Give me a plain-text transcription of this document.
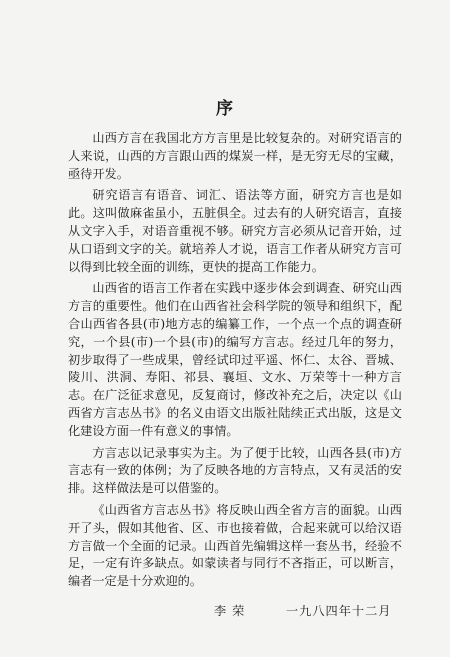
序

山西方言在我国北方方言里是比较复杂的。对研究语言的人来说，山西的方言跟山西的煤炭一样，是无穷无尽的宝藏，亟待开发。

研究语言有语音、词汇、语法等方面，研究方言也是如此。这叫做麻雀虽小，五脏俱全。过去有的人研究语言，直接从文字入手，对语音重视不够。研究方言必须从记音开始，过从口语到文字的关。就培养人才说，语言工作者从研究方言可以得到比较全面的训练，更快的提高工作能力。

山西省的语言工作者在实践中逐步体会到调查、研究山西方言的重要性。他们在山西省社会科学院的领导和组织下，配合山西省各县(市)地方志的编纂工作，一个点一个点的调查研究，一个县(市)一个县(市)的编写方言志。经过几年的努力，初步取得了一些成果，曾经试印过平遥、怀仁、太谷、晋城、陵川、洪洞、寿阳、祁县、襄垣、文水、万荣等十一种方言志。在广泛征求意见，反复商讨，修改补充之后，决定以《山西省方言志丛书》的名义由语文出版社陆续正式出版，这是文化建设方面一件有意义的事情。

方言志以记录事实为主。为了便于比较，山西各县(市)方言志有一致的体例；为了反映各地的方言特点，又有灵活的安排。这样做法是可以借鉴的。

《山西省方言志丛书》将反映山西全省方言的面貌。山西开了头，假如其他省、区、市也接着做，合起来就可以给汉语方言做一个全面的记录。山西首先编辑这样一套丛书，经验不足，一定有许多缺点。如蒙读者与同行不吝指正，可以断言，编者一定是十分欢迎的。

李荣	一九八四年十二月
